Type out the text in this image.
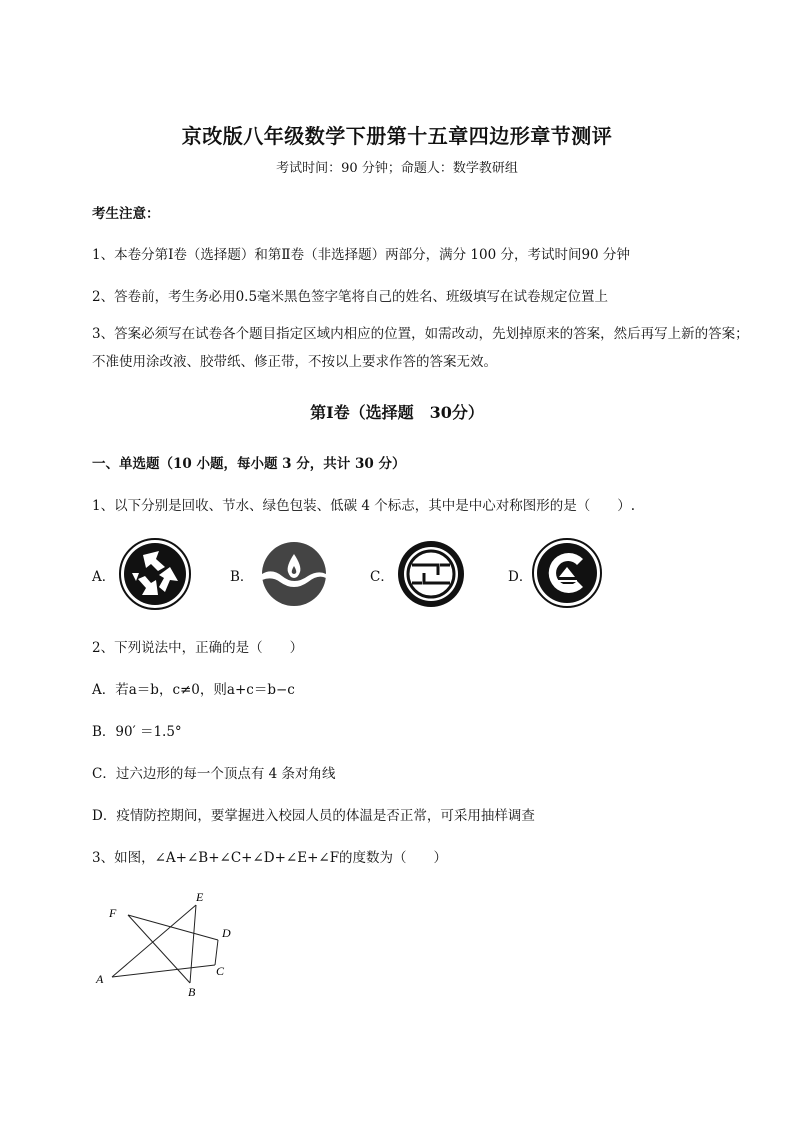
京改版八年级数学下册第十五章四边形章节测评
考试时间：90 分钟；命题人：数学教研组
考生注意：
1、本卷分第Ⅰ卷（选择题）和第Ⅱ卷（非选择题）两部分，满分 100 分，考试时间90 分钟
2、答卷前，考生务必用0.5毫米黑色签字笔将自己的姓名、班级填写在试卷规定位置上
3、答案必须写在试卷各个题目指定区域内相应的位置，如需改动，先划掉原来的答案，然后再写上新的答案；不准使用涂改液、胶带纸、修正带，不按以上要求作答的答案无效。
第Ⅰ卷（选择题　30分）
一、单选题（10 小题，每小题 3 分，共计 30 分）
1、以下分别是回收、节水、绿色包装、低碳 4 个标志，其中是中心对称图形的是（　　）.
A．	B．	C．	D．
2、下列说法中，正确的是（　　）
A．若a＝b，c≠0，则a+c＝b−c
B．90′ ＝1.5°
C．过六边形的每一个顶点有 4 条对角线
D．疫情防控期间，要掌握进入校园人员的体温是否正常，可采用抽样调查
3、如图，∠A+∠B+∠C+∠D+∠E+∠F的度数为（　　）
A
B
C
D
E
F
